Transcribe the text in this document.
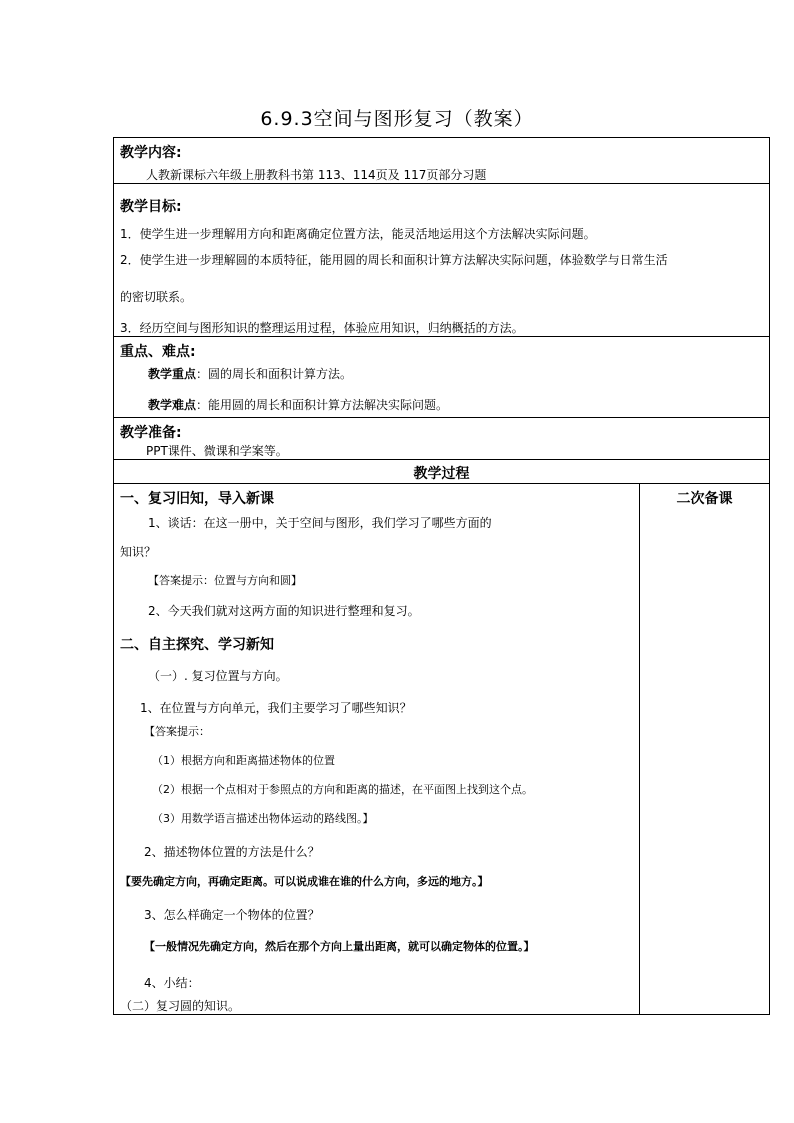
6.9.3空间与图形复习（教案）
教学内容:
人教新课标六年级上册教科书第 113、114页及 117页部分习题

教学目标:
1．使学生进一步理解用方向和距离确定位置方法，能灵活地运用这个方法解决实际问题。
2．使学生进一步理解圆的本质特征，能用圆的周长和面积计算方法解决实际问题，体验数学与日常生活
的密切联系。
3．经历空间与图形知识的整理运用过程，体验应用知识，归纳概括的方法。

重点、难点:
教学重点：圆的周长和面积计算方法。
教学难点：能用圆的周长和面积计算方法解决实际问题。

教学准备:
PPT课件、微课和学案等。

教学过程

一、复习旧知，导入新课
1、谈话：在这一册中，关于空间与图形，我们学习了哪些方面的
知识？
【答案提示：位置与方向和圆】
2、今天我们就对这两方面的知识进行整理和复习。
二、自主探究、学习新知
（一）. 复习位置与方向。
1、在位置与方向单元，我们主要学习了哪些知识？
【答案提示：
（1）根据方向和距离描述物体的位置
（2）根据一个点相对于参照点的方向和距离的描述，在平面图上找到这个点。
（3）用数学语言描述出物体运动的路线图。】
2、描述物体位置的方法是什么？
【要先确定方向，再确定距离。可以说成谁在谁的什么方向，多远的地方。】
3、怎么样确定一个物体的位置？
【一般情况先确定方向，然后在那个方向上量出距离，就可以确定物体的位置。】
4、小结：
（二）复习圆的知识。

二次备课
